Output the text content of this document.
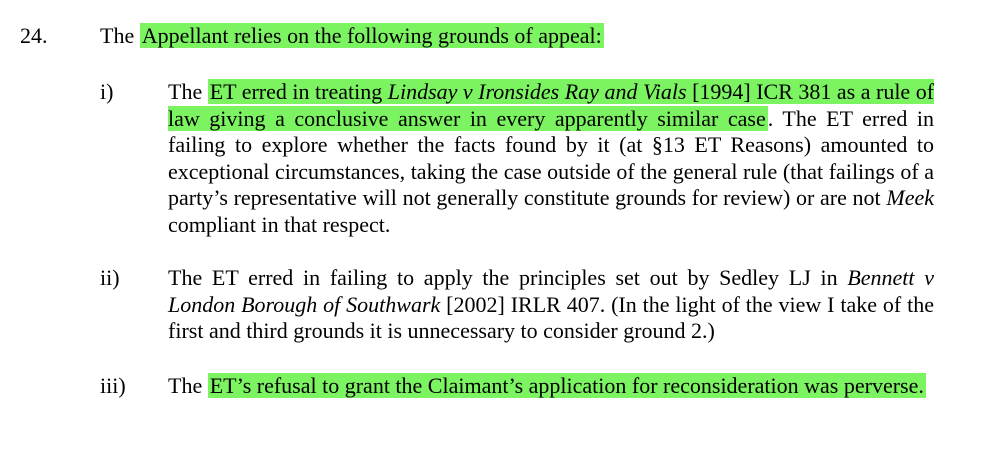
24. The Appellant relies on the following grounds of appeal:
i) The ET erred in treating Lindsay v Ironsides Ray and Vials [1994] ICR 381 as a rule of law giving a conclusive answer in every apparently similar case. The ET erred in failing to explore whether the facts found by it (at §13 ET Reasons) amounted to exceptional circumstances, taking the case outside of the general rule (that failings of a party’s representative will not generally constitute grounds for review) or are not Meek compliant in that respect.
ii) The ET erred in failing to apply the principles set out by Sedley LJ in Bennett v London Borough of Southwark [2002] IRLR 407. (In the light of the view I take of the first and third grounds it is unnecessary to consider ground 2.)
iii) The ET’s refusal to grant the Claimant’s application for reconsideration was perverse.
